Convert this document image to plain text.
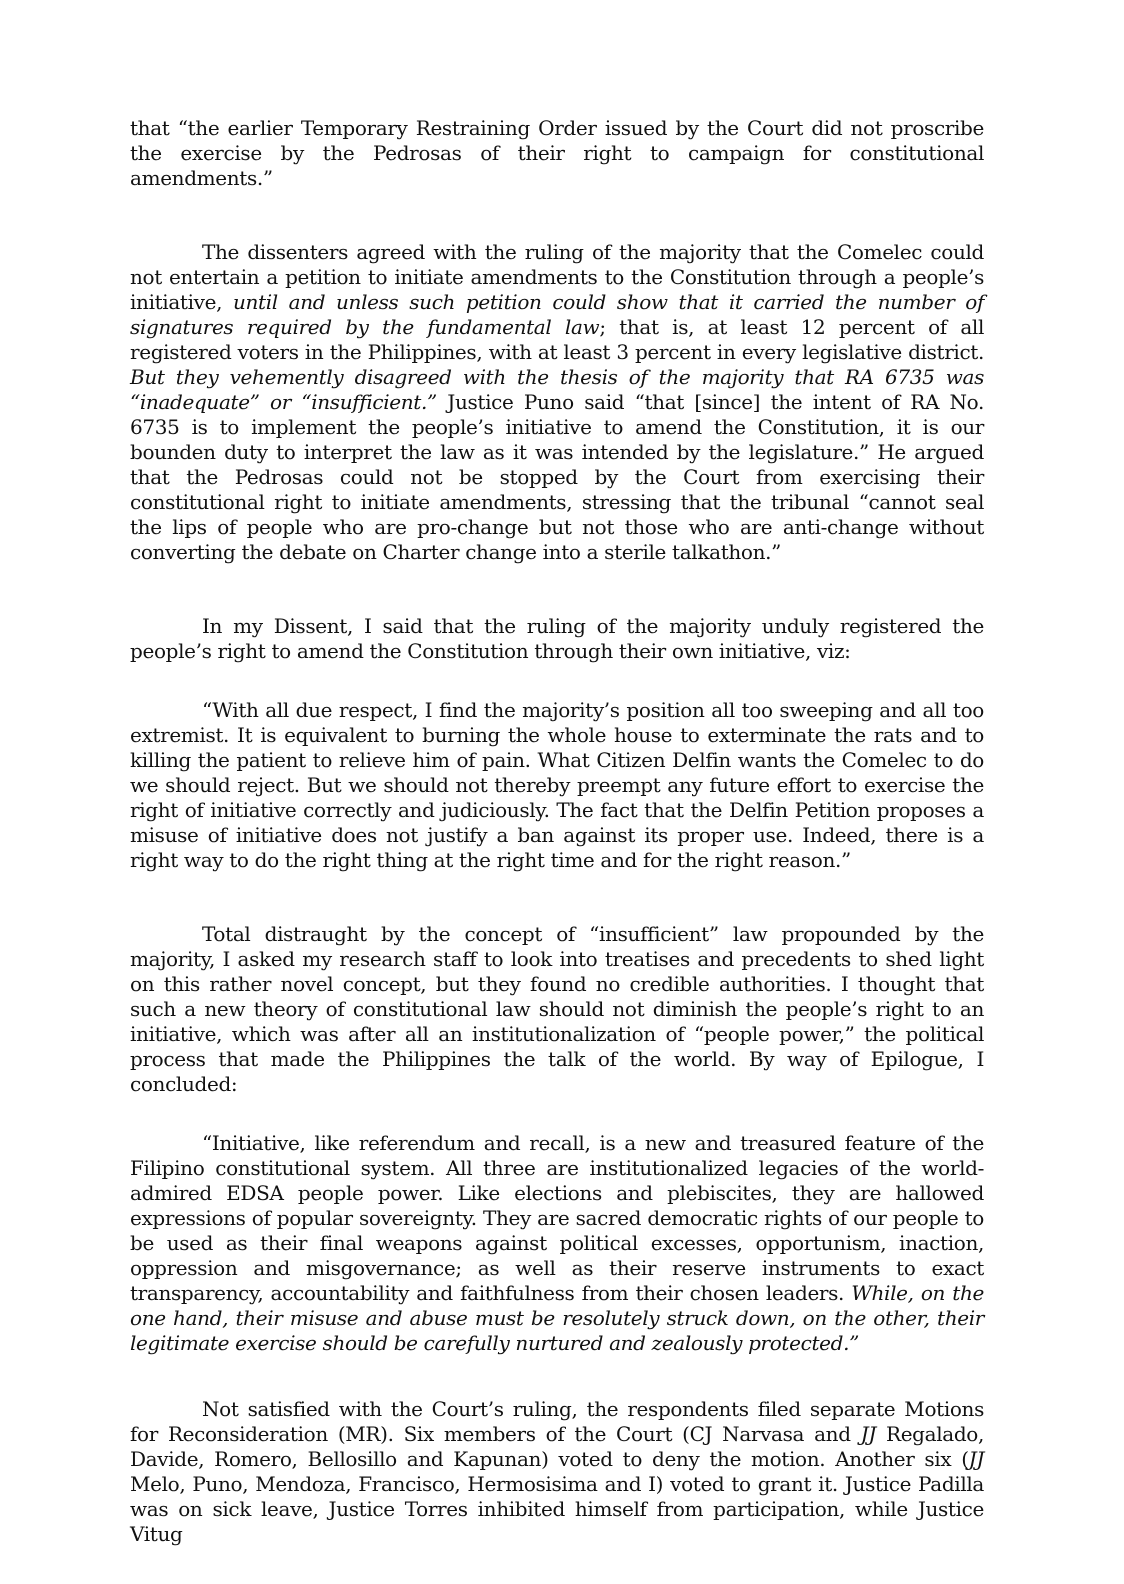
that “the earlier Temporary Restraining Order issued by the Court did not proscribe the exercise by the Pedrosas of their right to campaign for constitutional amendments.”

The dissenters agreed with the ruling of the majority that the Comelec could not entertain a petition to initiate amendments to the Constitution through a people’s initiative, until and unless such petition could show that it carried the number of signatures required by the fundamental law; that is, at least 12 percent of all registered voters in the Philippines, with at least 3 percent in every legislative district. But they vehemently disagreed with the thesis of the majority that RA 6735 was “inadequate” or “insufficient.” Justice Puno said “that [since] the intent of RA No. 6735 is to implement the people’s initiative to amend the Constitution, it is our bounden duty to interpret the law as it was intended by the legislature.” He argued that the Pedrosas could not be stopped by the Court from exercising their constitutional right to initiate amendments, stressing that the tribunal “cannot seal the lips of people who are pro-change but not those who are anti-change without converting the debate on Charter change into a sterile talkathon.”

In my Dissent, I said that the ruling of the majority unduly registered the people’s right to amend the Constitution through their own initiative, viz:

“With all due respect, I find the majority’s position all too sweeping and all too extremist. It is equivalent to burning the whole house to exterminate the rats and to killing the patient to relieve him of pain. What Citizen Delfin wants the Comelec to do we should reject. But we should not thereby preempt any future effort to exercise the right of initiative correctly and judiciously. The fact that the Delfin Petition proposes a misuse of initiative does not justify a ban against its proper use. Indeed, there is a right way to do the right thing at the right time and for the right reason.”

Total distraught by the concept of “insufficient” law propounded by the majority, I asked my research staff to look into treatises and precedents to shed light on this rather novel concept, but they found no credible authorities. I thought that such a new theory of constitutional law should not diminish the people’s right to an initiative, which was after all an institutionalization of “people power,” the political process that made the Philippines the talk of the world. By way of Epilogue, I concluded:

“Initiative, like referendum and recall, is a new and treasured feature of the Filipino constitutional system. All three are institutionalized legacies of the world-admired EDSA people power. Like elections and plebiscites, they are hallowed expressions of popular sovereignty. They are sacred democratic rights of our people to be used as their final weapons against political excesses, opportunism, inaction, oppression and misgovernance; as well as their reserve instruments to exact transparency, accountability and faithfulness from their chosen leaders. While, on the one hand, their misuse and abuse must be resolutely struck down, on the other, their legitimate exercise should be carefully nurtured and zealously protected.”

Not satisfied with the Court’s ruling, the respondents filed separate Motions for Reconsideration (MR). Six members of the Court (CJ Narvasa and JJ Regalado, Davide, Romero, Bellosillo and Kapunan) voted to deny the motion. Another six (JJ Melo, Puno, Mendoza, Francisco, Hermosisima and I) voted to grant it. Justice Padilla was on sick leave, Justice Torres inhibited himself from participation, while Justice Vitug
